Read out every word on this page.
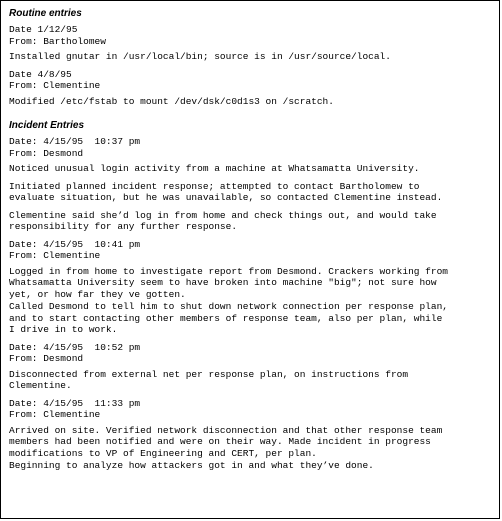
Routine entries
Date 1/12/95
From: Bartholomew
Installed gnutar in /usr/local/bin; source is in /usr/source/local.
Date 4/8/95
From: Clementine
Modified /etc/fstab to mount /dev/dsk/c0d1s3 on /scratch.
Incident Entries
Date: 4/15/95  10:37 pm
From: Desmond
Noticed unusual login activity from a machine at Whatsamatta University.
Initiated planned incident response; attempted to contact Bartholomew to
evaluate situation, but he was unavailable, so contacted Clementine instead.
Clementine said she’d log in from home and check things out, and would take
responsibility for any further response.
Date: 4/15/95  10:41 pm
From: Clementine
Logged in from home to investigate report from Desmond. Crackers working from
Whatsamatta University seem to have broken into machine "big"; not sure how
yet, or how far they ve gotten.
Called Desmond to tell him to shut down network connection per response plan,
and to start contacting other members of response team, also per plan, while
I drive in to work.
Date: 4/15/95  10:52 pm
From: Desmond
Disconnected from external net per response plan, on instructions from
Clementine.
Date: 4/15/95  11:33 pm
From: Clementine
Arrived on site. Verified network disconnection and that other response team
members had been notified and were on their way. Made incident in progress
modifications to VP of Engineering and CERT, per plan.
Beginning to analyze how attackers got in and what they’ve done.
